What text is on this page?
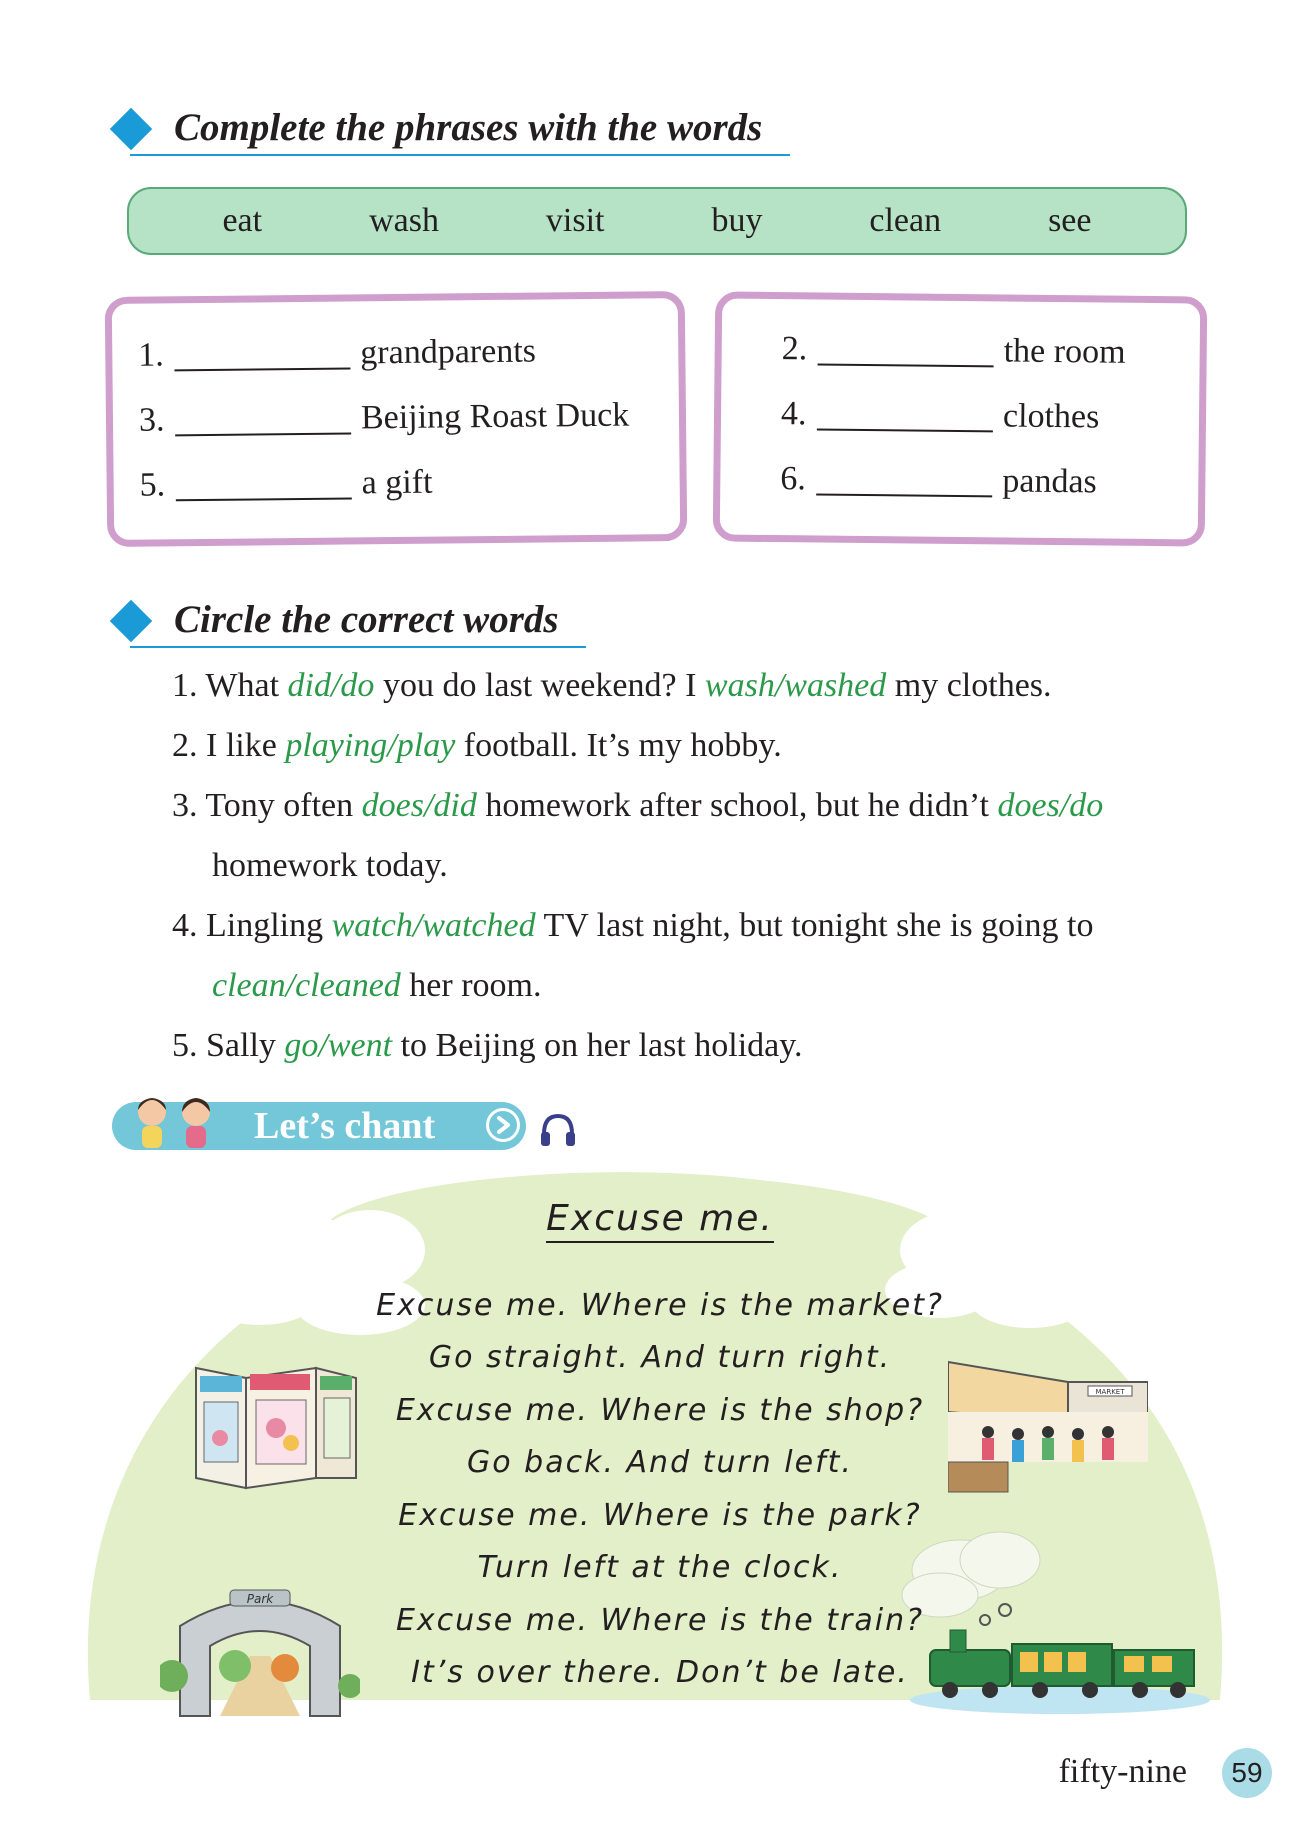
Complete the phrases with the words
eat	wash	visit	buy	clean	see
1.	grandparents
3.	Beijing Roast Duck
5.	a gift
2.	the room
4.	clothes
6.	pandas
Circle the correct words
1. What did/do you do last weekend? I wash/washed my clothes.
2. I like playing/play football. It’s my hobby.
3. Tony often does/did homework after school, but he didn’t does/do
homework today.
4. Lingling watch/watched TV last night, but tonight she is going to
clean/cleaned her room.
5. Sally go/went to Beijing on her last holiday.
Let’s chant
Excuse me.
Excuse me. Where is the market?
Go straight. And turn right.
Excuse me. Where is the shop?
Go back. And turn left.
Excuse me. Where is the park?
Turn left at the clock.
Excuse me. Where is the train?
It’s over there. Don’t be late.
Park
MARKET
fifty-nine	59
